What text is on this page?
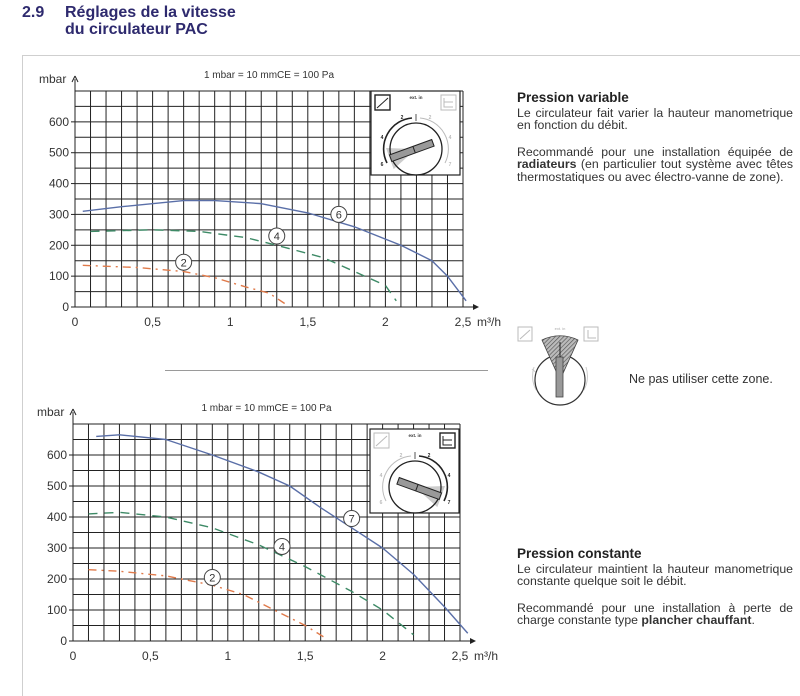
2.9 Réglages de la vitesse
du circulateur PAC
0
100
200
300
400
500
600
0	0,5	1	1,5	2	2,5
mbar
m³/h
1 mbar = 10 mmCE = 100 Pa
6
4
2
ext. in
2
4
6
2
4
7
0
100
200
300
400
500
600
0	0,5	1	1,5	2	2,5
mbar
m³/h
1 mbar = 10 mmCE = 100 Pa
7
4
2
ext. in
2
4
6
2
4
7
Pression variable

Le circulateur fait varier la hauteur manometrique en fonction du débit.

Recommandé pour une installation équipée de radiateurs (en particulier tout système avec têtes thermostatiques ou avec électro-vanne de zone).

ext. in
Ne pas utiliser cette zone.
Pression constante

Le circulateur maintient la hauteur manometrique constante quelque soit le débit.

Recommandé pour une installation à perte de charge constante type plancher chauffant.
